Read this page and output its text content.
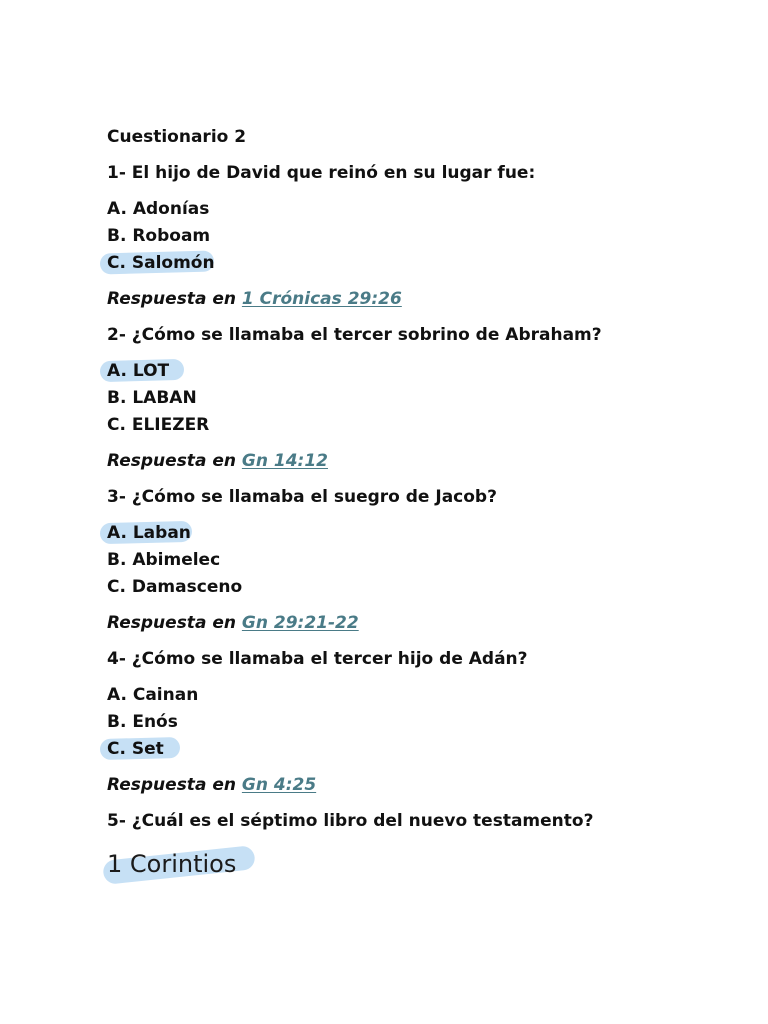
Cuestionario 2
1- El hijo de David que reinó en su lugar fue:
A. Adonías
B. Roboam
C. Salomón
Respuesta en 1 Crónicas 29:26
2- ¿Cómo se llamaba el tercer sobrino de Abraham?
A. LOT
B. LABAN
C. ELIEZER
Respuesta en Gn 14:12
3- ¿Cómo se llamaba el suegro de Jacob?
A. Laban
B. Abimelec
C. Damasceno
Respuesta en Gn 29:21-22
4- ¿Cómo se llamaba el tercer hijo de Adán?
A. Cainan
B. Enós
C. Set
Respuesta en Gn 4:25
5- ¿Cuál es el séptimo libro del nuevo testamento?
1 Corintios
